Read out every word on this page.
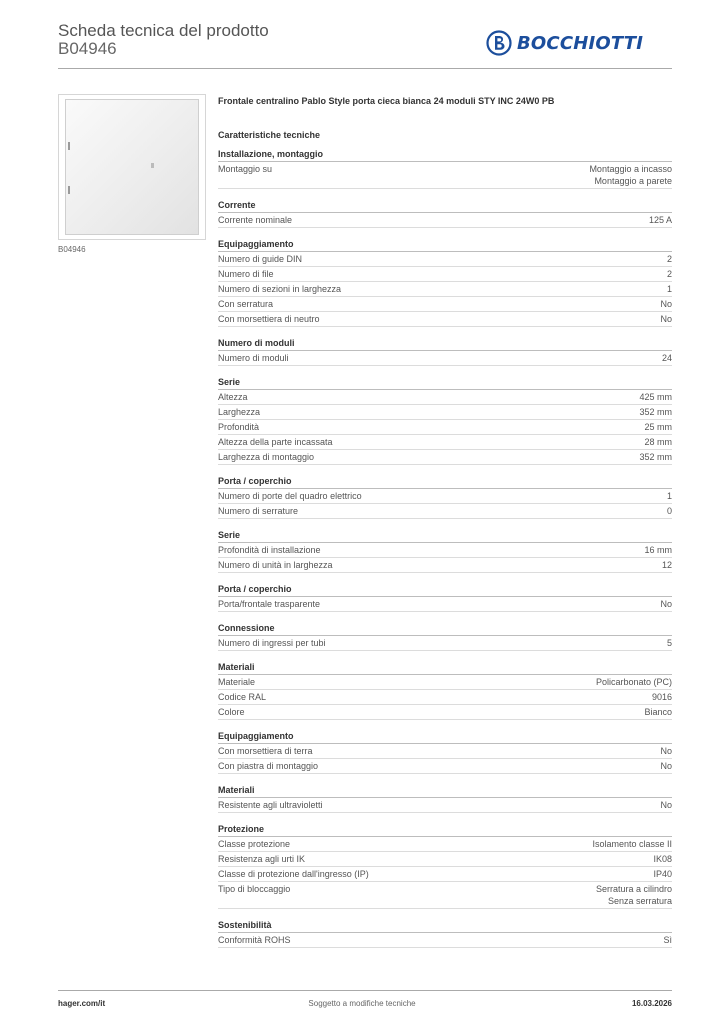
Scheda tecnica del prodotto
B04946	BOCCHIOTTI
B04946
Frontale centralino Pablo Style porta cieca bianca 24 moduli STY INC 24W0 PB
Caratteristiche tecniche
Installazione, montaggio
Montaggio su	Montaggio a incasso
Montaggio a parete
Corrente
Corrente nominale	125 A
Equipaggiamento
Numero di guide DIN	2
Numero di file	2
Numero di sezioni in larghezza	1
Con serratura	No
Con morsettiera di neutro	No
Numero di moduli
Numero di moduli	24
Serie
Altezza	425 mm
Larghezza	352 mm
Profondità	25 mm
Altezza della parte incassata	28 mm
Larghezza di montaggio	352 mm
Porta / coperchio
Numero di porte del quadro elettrico	1
Numero di serrature	0
Serie
Profondità di installazione	16 mm
Numero di unità in larghezza	12
Porta / coperchio
Porta/frontale trasparente	No
Connessione
Numero di ingressi per tubi	5
Materiali
Materiale	Policarbonato (PC)
Codice RAL	9016
Colore	Bianco
Equipaggiamento
Con morsettiera di terra	No
Con piastra di montaggio	No
Materiali
Resistente agli ultravioletti	No
Protezione
Classe protezione	Isolamento classe II
Resistenza agli urti IK	IK08
Classe di protezione dall'ingresso (IP)	IP40
Tipo di bloccaggio	Serratura a cilindro
Senza serratura
Sostenibilità
Conformità ROHS	Sì
hager.com/it	Soggetto a modifiche tecniche	16.03.2026
